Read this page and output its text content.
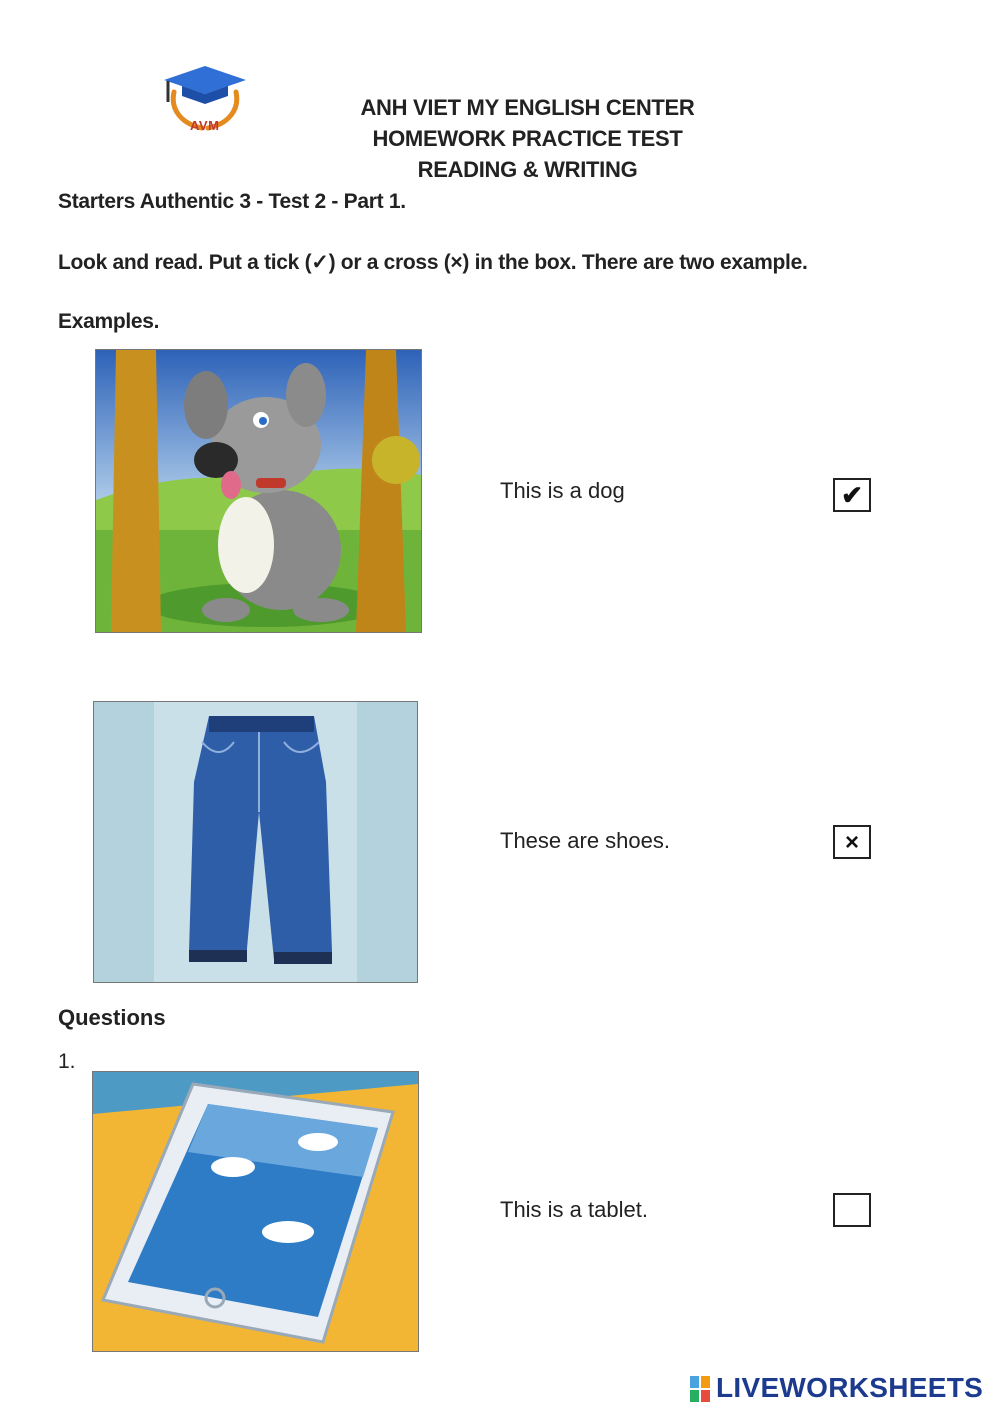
AVM
ANH VIET MY ENGLISH CENTER
HOMEWORK PRACTICE TEST
READING & WRITING
Starters Authentic 3 - Test 2 - Part 1.
Look and read. Put a tick (✓) or a cross (×) in the box. There are two example.
Examples.
This is a dog	✔
These are shoes.	×
Questions
1.
This is a tablet.
LIVEWORKSHEETS
